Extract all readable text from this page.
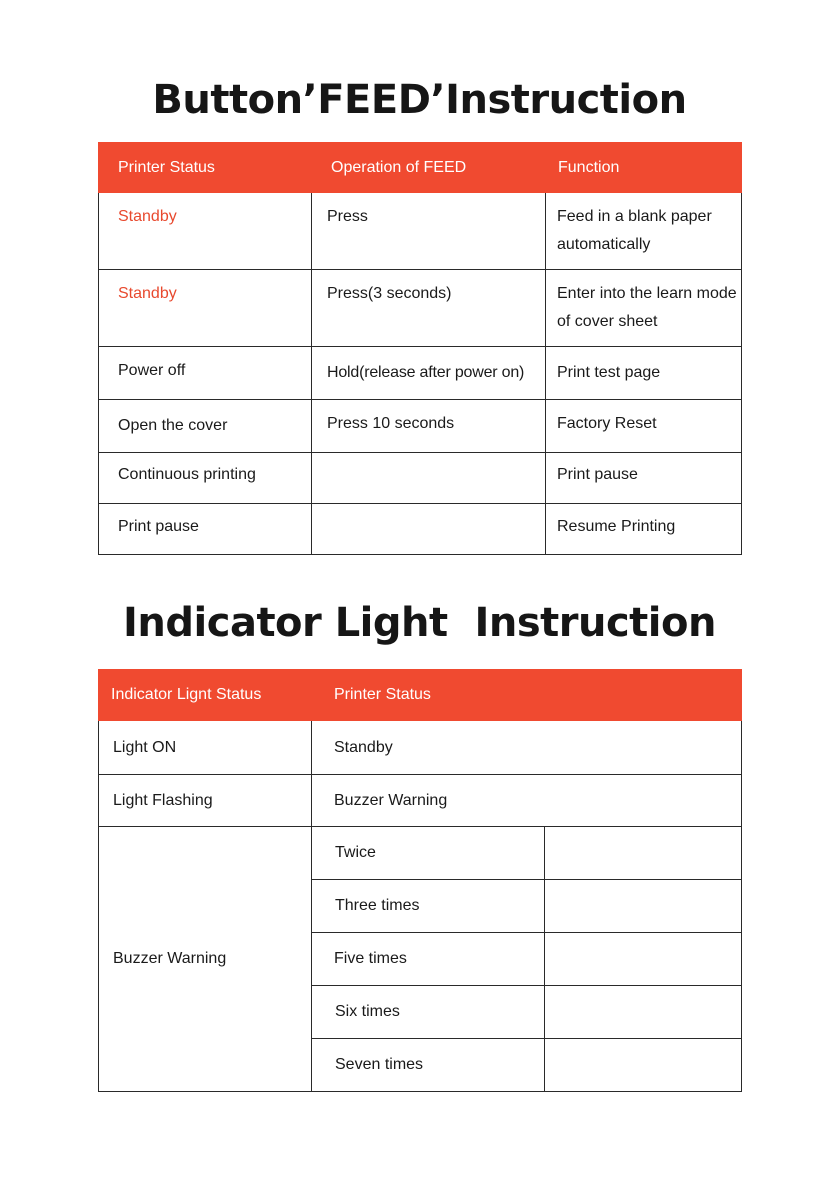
Button’FEED’Instruction
Printer Status	Operation of FEED	Function
Standby	Press	Feed in a blank paper automatically
Standby	Press(3 seconds)	Enter into the learn mode of cover sheet
Power off	Hold(release after power on)	Print test page
Open the cover	Press 10 seconds	Factory Reset
Continuous printing		Print pause
Print pause		Resume Printing
Indicator Light  Instruction
Indicator Lignt Status	Printer Status	
Light ON	Standby	
Light Flashing	Buzzer Warning	
Buzzer Warning	Twice	
	Three times	
	Five times	
	Six times	
	Seven times	
